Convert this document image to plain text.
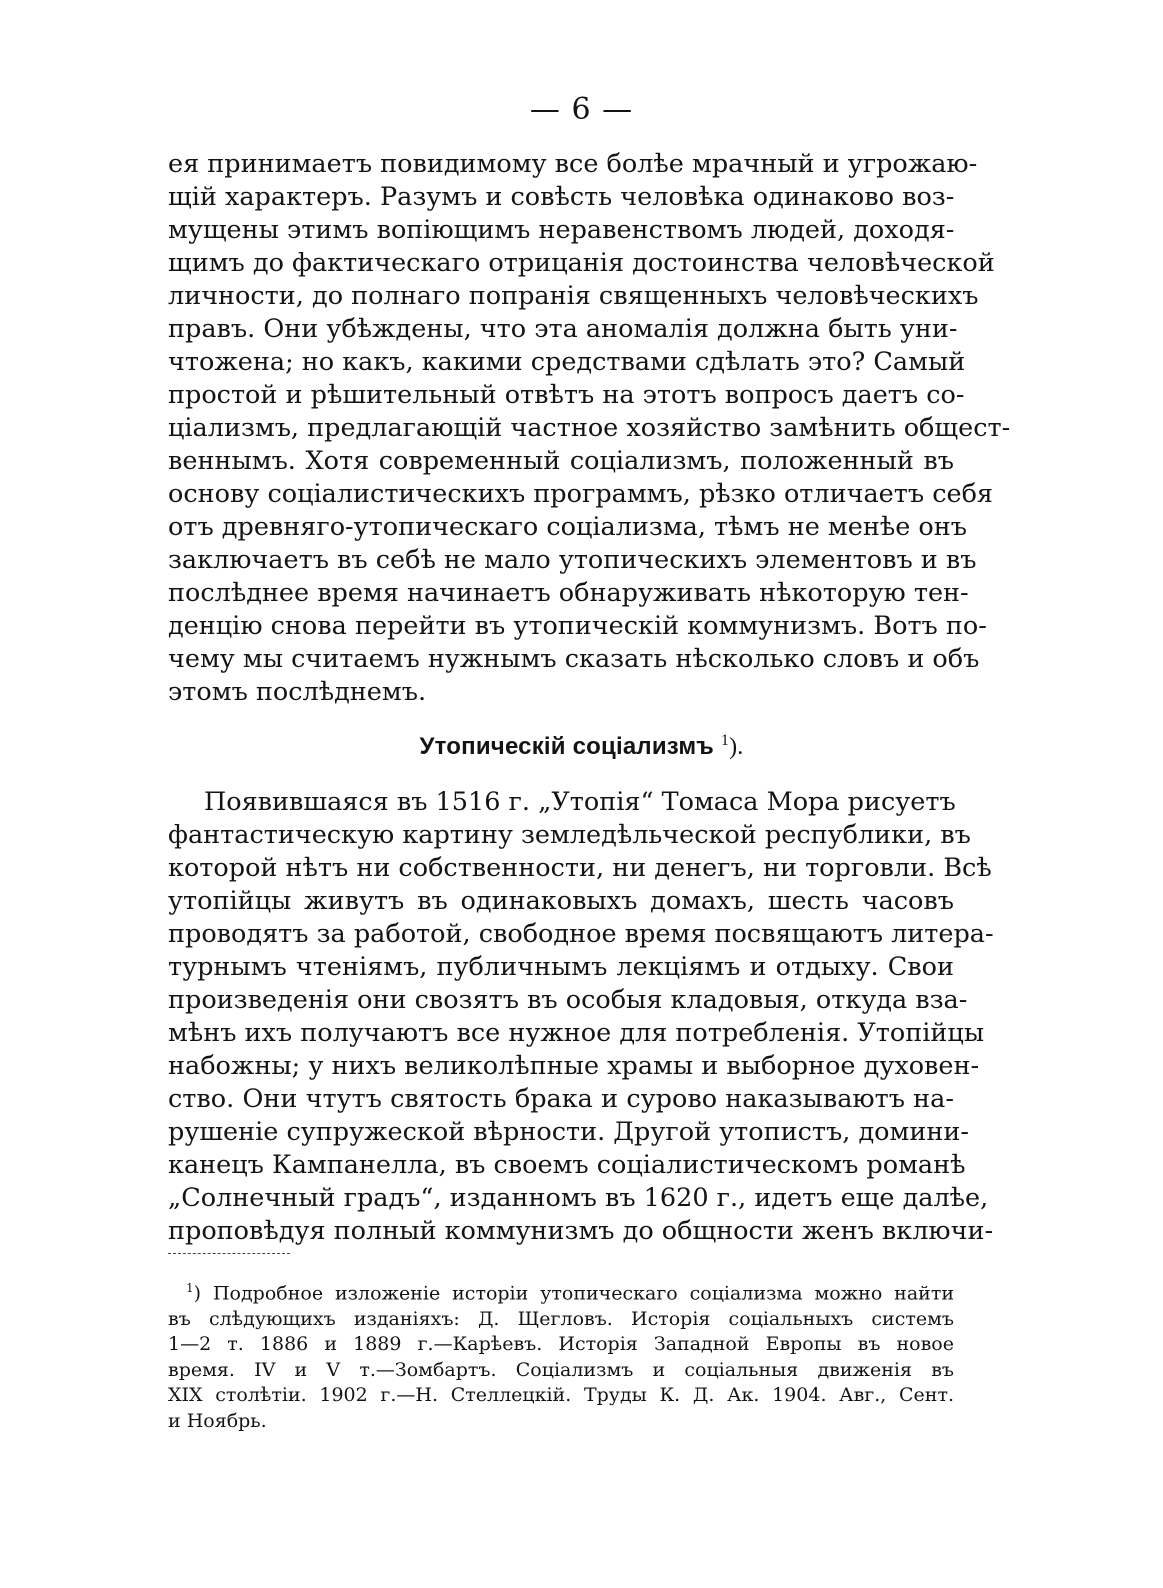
— 6 —
ея принимаетъ повидимому все болѣе мрачный и угрожаю-
щій характеръ. Разумъ и совѣсть человѣка одинаково воз-
мущены этимъ вопіющимъ неравенствомъ людей, доходя-
щимъ до фактическаго отрицанія достоинства человѣческой
личности, до полнаго попранія священныхъ человѣческихъ
правъ. Они убѣждены, что эта аномалія должна быть уни-
чтожена; но какъ, какими средствами сдѣлать это? Самый
простой и рѣшительный отвѣтъ на этотъ вопросъ даетъ со-
ціализмъ, предлагающій частное хозяйство замѣнить общест-
веннымъ. Хотя современный соціализмъ, положенный въ
основу соціалистическихъ программъ, рѣзко отличаетъ себя
отъ древняго-утопическаго соціализма, тѣмъ не менѣе онъ
заключаетъ въ себѣ не мало утопическихъ элементовъ и въ
послѣднее время начинаетъ обнаруживать нѣкоторую тен-
денцію снова перейти въ утопическій коммунизмъ. Вотъ по-
чему мы считаемъ нужнымъ сказать нѣсколько словъ и объ
этомъ послѣднемъ.
Утопическій соціализмъ $^1$).
Появившаяся въ 1516 г. „Утопія“ Томаса Мора рисуетъ
фантастическую картину земледѣльческой республики, въ
которой нѣтъ ни собственности, ни денегъ, ни торговли. Всѣ
утопійцы живутъ въ одинаковыхъ домахъ, шесть часовъ
проводятъ за работой, свободное время посвящаютъ литера-
турнымъ чтеніямъ, публичнымъ лекціямъ и отдыху. Свои
произведенія они свозятъ въ особыя кладовыя, откуда вза-
мѣнъ ихъ получаютъ все нужное для потребленія. Утопійцы
набожны; у нихъ великолѣпные храмы и выборное духовен-
ство. Они чтутъ святость брака и сурово наказываютъ на-
рушеніе супружеской вѣрности. Другой утопистъ, домини-
канецъ Кампанелла, въ своемъ соціалистическомъ романѣ
„Солнечный градъ“, изданномъ въ 1620 г., идетъ еще далѣе,
проповѣдуя полный коммунизмъ до общности женъ включи-
$^1$) Подробное изложеніе исторіи утопическаго соціализма можно найти
въ слѣдующихъ изданіяхъ: Д. Щегловъ. Исторія соціальныхъ системъ
1—2 т. 1886 и 1889 г.—Карѣевъ. Исторія Западной Европы въ новое
время. IV и V т.—Зомбартъ. Соціализмъ и соціальныя движенія въ
XIX столѣтіи. 1902 г.—Н. Стеллецкій. Труды К. Д. Ак. 1904. Авг., Сент.
и Ноябрь.
